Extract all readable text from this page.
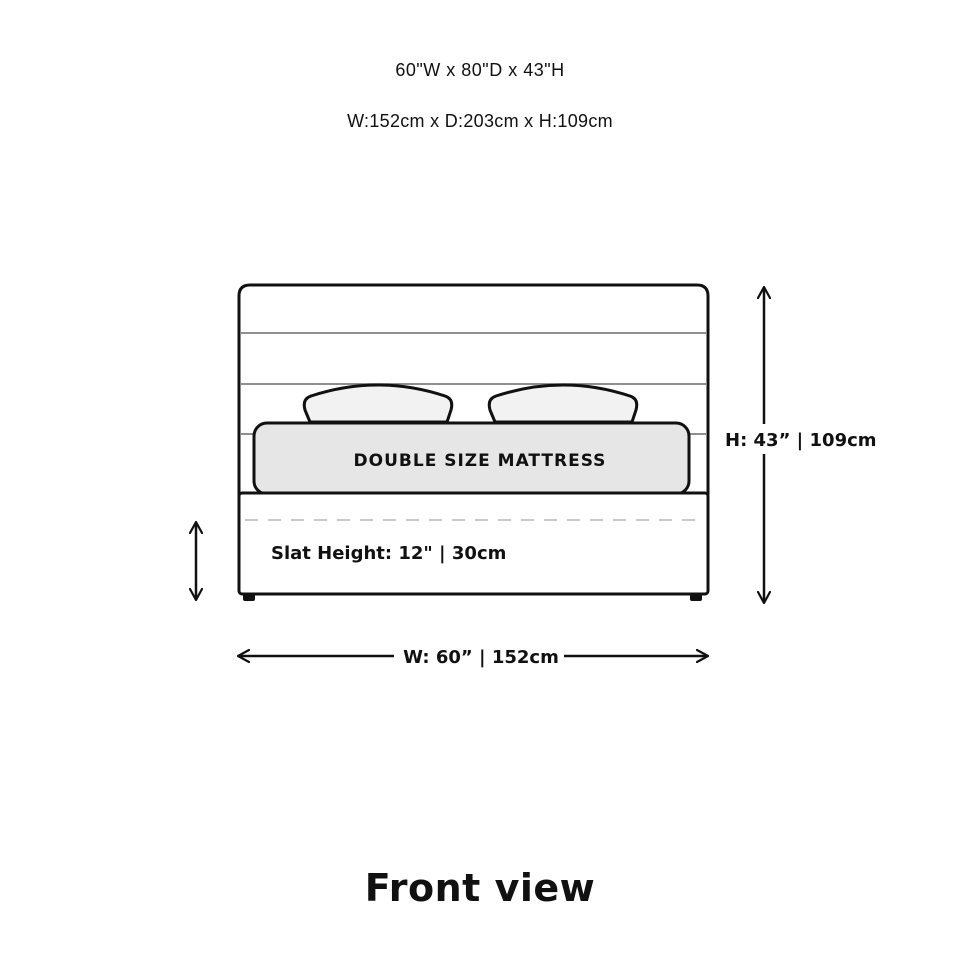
60"W x 80"D x 43"H
W:152cm x D:203cm x H:109cm
DOUBLE SIZE MATTRESS
Slat Height: 12" | 30cm
H: 43” | 109cm
W: 60” | 152cm
Front view
